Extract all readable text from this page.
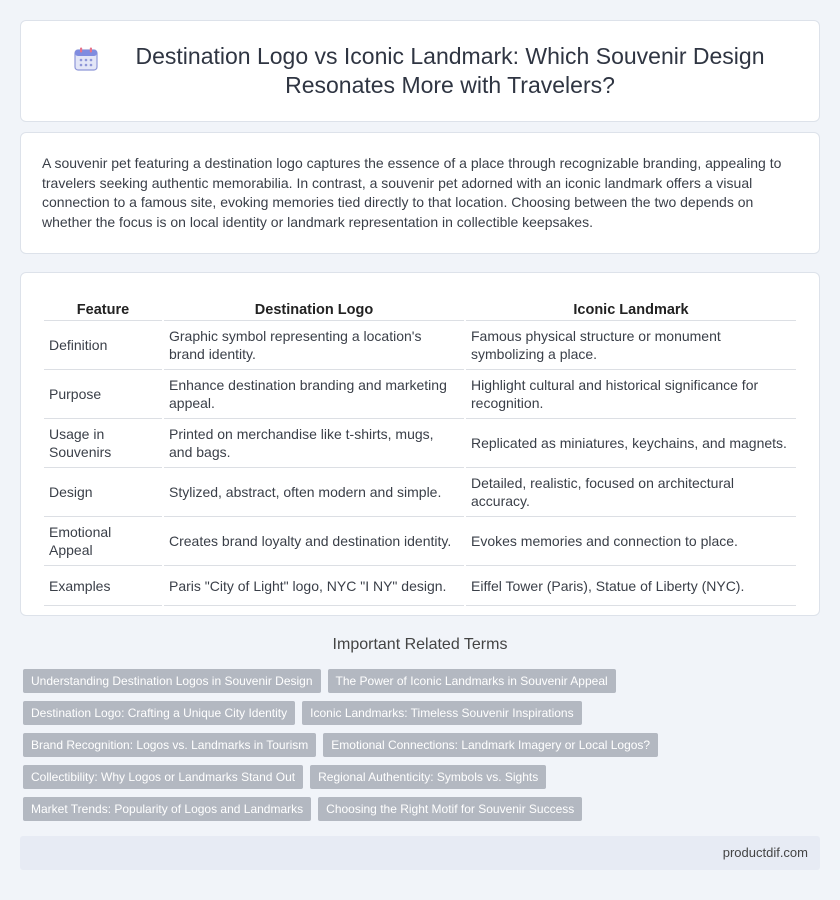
Destination Logo vs Iconic Landmark: Which Souvenir Design Resonates More with Travelers?

A souvenir pet featuring a destination logo captures the essence of a place through recognizable branding, appealing to travelers seeking authentic memorabilia. In contrast, a souvenir pet adorned with an iconic landmark offers a visual connection to a famous site, evoking memories tied directly to that location. Choosing between the two depends on whether the focus is on local identity or landmark representation in collectible keepsakes.

Feature	Destination Logo	Iconic Landmark
Definition	Graphic symbol representing a location's brand identity.	Famous physical structure or monument symbolizing a place.
Purpose	Enhance destination branding and marketing appeal.	Highlight cultural and historical significance for recognition.
Usage in Souvenirs	Printed on merchandise like t-shirts, mugs, and bags.	Replicated as miniatures, keychains, and magnets.
Design	Stylized, abstract, often modern and simple.	Detailed, realistic, focused on architectural accuracy.
Emotional Appeal	Creates brand loyalty and destination identity.	Evokes memories and connection to place.
Examples	Paris "City of Light" logo, NYC "I NY" design.	Eiffel Tower (Paris), Statue of Liberty (NYC).
Important Related Terms
Understanding Destination Logos in Souvenir Design	The Power of Iconic Landmarks in Souvenir Appeal
Destination Logo: Crafting a Unique City Identity	Iconic Landmarks: Timeless Souvenir Inspirations
Brand Recognition: Logos vs. Landmarks in Tourism	Emotional Connections: Landmark Imagery or Local Logos?
Collectibility: Why Logos or Landmarks Stand Out	Regional Authenticity: Symbols vs. Sights
Market Trends: Popularity of Logos and Landmarks	Choosing the Right Motif for Souvenir Success
productdif.com
